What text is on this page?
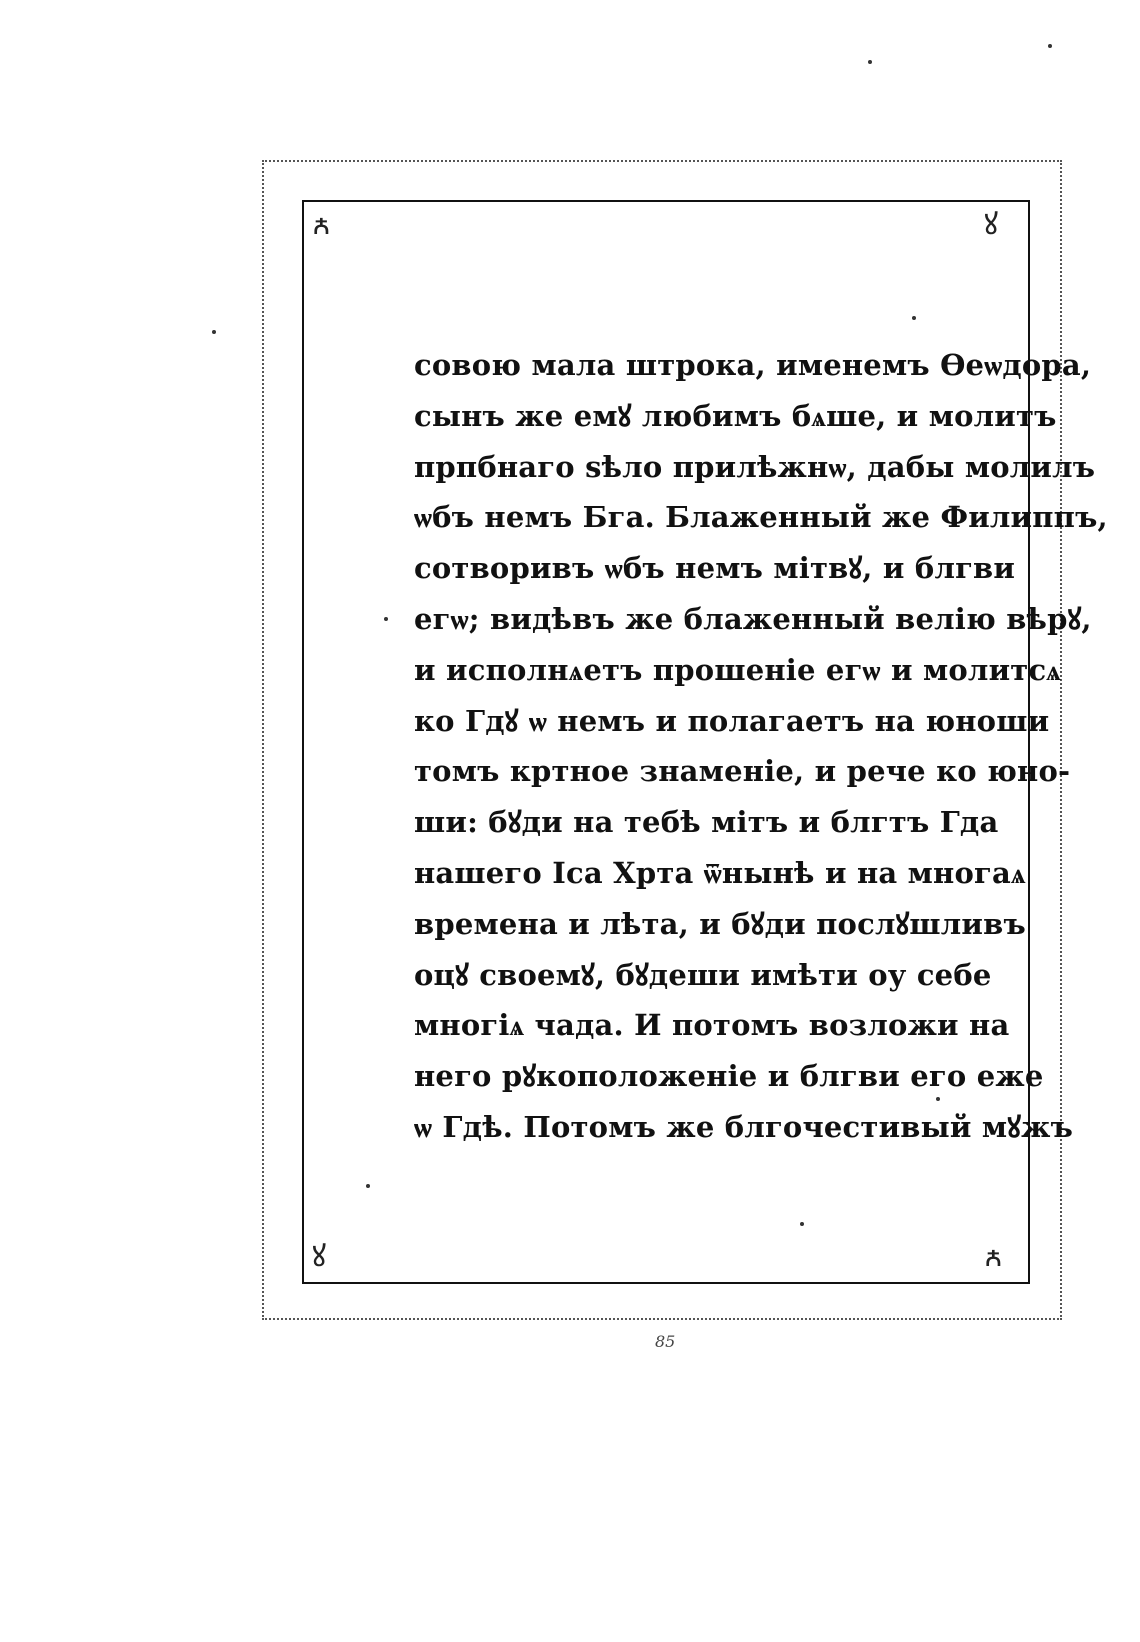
ꙉ	ꙋ
ꙋ	ꙉ
совою мала штрока, именемъ Ѳеѡдора,
сынъ же емꙋ любимъ бѧше, и молитъ
прпбнаго ѕѣло прилѣжнѡ, дабы молилъ
ѡбъ немъ Бга. Блаженный же Филиппъ,
сотворивъ ѡбъ немъ мітвꙋ, и блгви
егѡ; видѣвъ же блаженный велію вѣрꙋ,
и исполнѧетъ прошеніе егѡ и молитсѧ
ко Гдꙋ ѡ немъ и полагаетъ на юноши
томъ кртное знаменіе, и рече ко юно-
ши: бꙋди на тебѣ мітъ и блгтъ Гда
нашего Іса Хрта ѿнынѣ и на многаѧ
времена и лѣта, и бꙋди послꙋшливъ
оцꙋ своемꙋ, бꙋдеши имѣти оу себе
многіѧ чада. И потомъ возложи на
него рꙋкоположеніе и блгви его еже
ѡ Гдѣ. Потомъ же блгочестивый мꙋжъ
85
